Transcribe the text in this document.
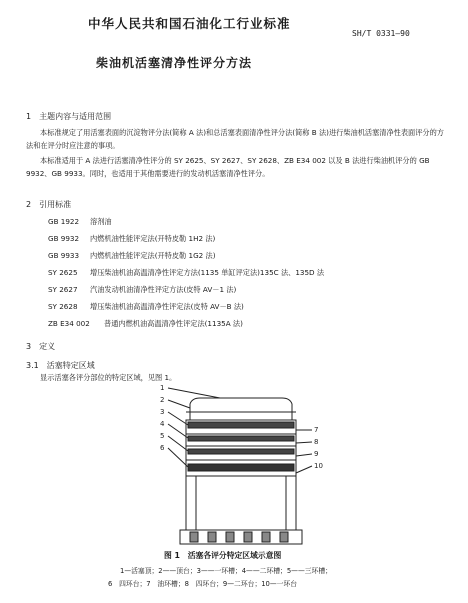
中华人民共和国石油化工行业标准
SH/T 0331—90
柴油机活塞清净性评分方法
1　主题内容与适用范围
本标准规定了用活塞表面的沉淀物评分法(简称 A 法)和总活塞表面清净性评分法(简称 B 法)进行柴油机活塞清净性表面评分的方法和在评分时应注意的事项。
本标准适用于 A 法进行活塞清净性评分的 SY 2625、SY 2627、SY 2628、ZB E34 002 以及 B 法进行柴油机评分的 GB 9932、GB 9933。同时，也适用于其他需要进行的发动机活塞清净性评分。
2　引用标准
GB 1922 溶剂油
GB 9932 内燃机油性能评定法(开特皮勒 1H2 法)
GB 9933 内燃机油性能评定法(开特皮勒 1G2 法)
SY 2625 增压柴油机油高温清净性评定方法(1135 单缸评定法)135C 法、135D 法
SY 2627 汽油发动机油清净性评定方法(皮特 AV－1 法)
SY 2628 增压柴油机油高温清净性评定法(皮特 AV－B 法)
ZB E34 002 普通内燃机油高温清净性评定法(1135A 法)
3　定义
3.1　活塞特定区域
显示活塞各评分部位的特定区域，见图 1。
1
2
3
4
5
6
7
8
9
10
图 1　活塞各评分特定区域示意图
1—活塞顶；2——顶台；3——一环槽；4——二环槽；5——三环槽；
6　四环台；7　油环槽；8　四环台；9—二环台；10—一环台
